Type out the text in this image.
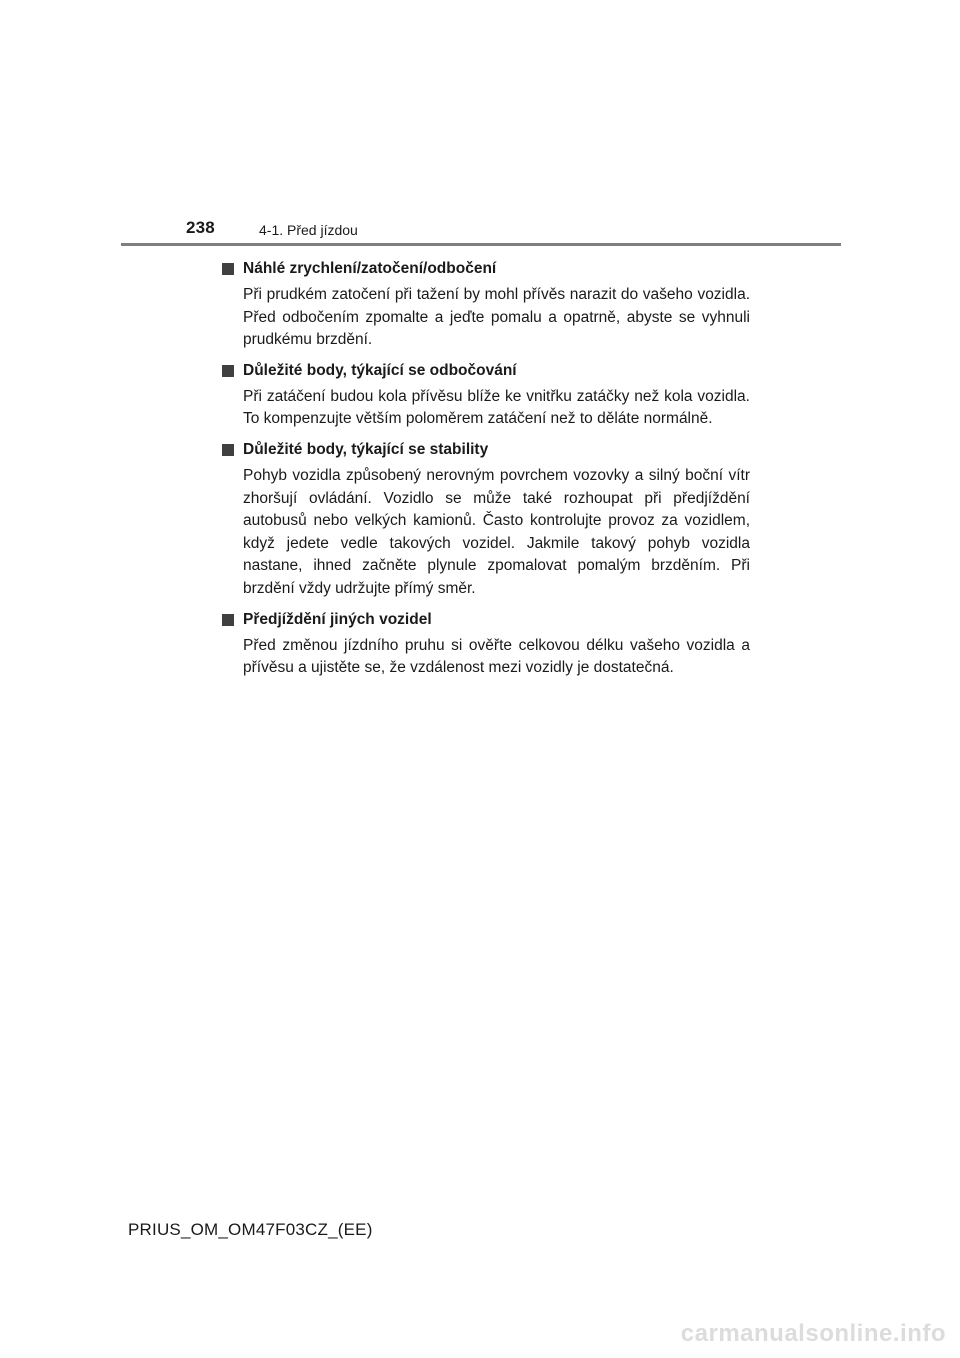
238	4-1. Před jízdou
Náhlé zrychlení/zatočení/odbočení
Při prudkém zatočení při tažení by mohl přívěs narazit do vašeho vozidla. Před odbočením zpomalte a jeďte pomalu a opatrně, abyste se vyhnuli prudkému brzdění.
Důležité body, týkající se odbočování
Při zatáčení budou kola přívěsu blíže ke vnitřku zatáčky než kola vozidla. To kompenzujte větším poloměrem zatáčení než to děláte normálně.
Důležité body, týkající se stability
Pohyb vozidla způsobený nerovným povrchem vozovky a silný boční vítr zhoršují ovládání. Vozidlo se může také rozhoupat při předjíždění autobusů nebo velkých kamionů. Často kontrolujte provoz za vozidlem, když jedete vedle takových vozidel. Jakmile takový pohyb vozidla nastane, ihned začněte plynule zpomalovat pomalým brzděním. Při brzdění vždy udržujte přímý směr.
Předjíždění jiných vozidel
Před změnou jízdního pruhu si ověřte celkovou délku vašeho vozidla a přívěsu a ujistěte se, že vzdálenost mezi vozidly je dostatečná.
PRIUS_OM_OM47F03CZ_(EE)
carmanualsonline.info
